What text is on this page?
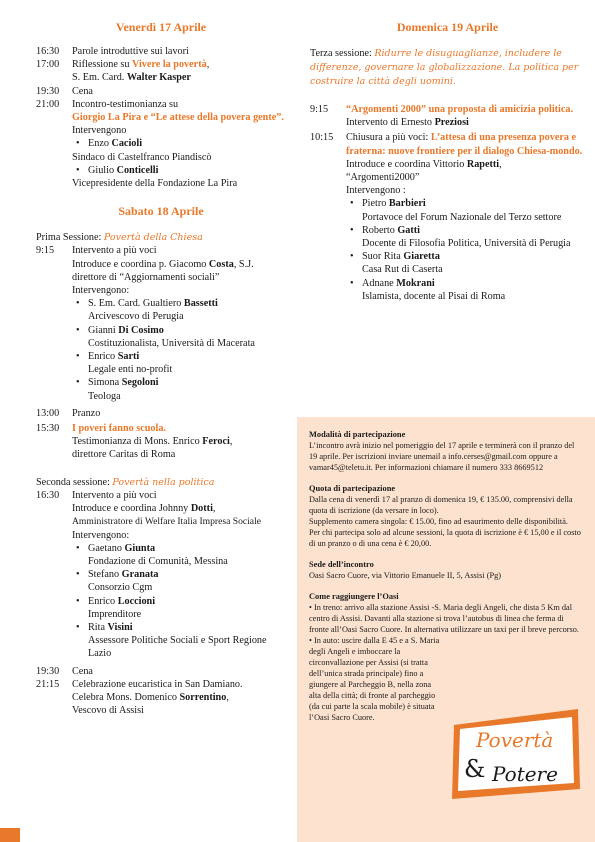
Venerdì 17 Aprile
16:30	Parole introduttive sui lavori
17:00	Riflessione su Vivere la povertà,
S. Em. Card. Walter Kasper
19:30	Cena
21:00	Incontro-testimonianza su
Giorgio La Pira e “Le attese della povera gente”.
Intervengono
• Enzo Cacioli
Sindaco di Castelfranco Piandiscò
• Giulio Conticelli
Vicepresidente della Fondazione La Pira
Sabato 18 Aprile
Prima Sessione: Povertà della Chiesa
9:15	Intervento a più voci
Introduce e coordina p. Giacomo Costa, S.J.
direttore di “Aggiornamenti sociali”
Intervengono:
• S. Em. Card. Gualtiero Bassetti
Arcivescovo di Perugia
• Gianni Di Cosimo
Costituzionalista, Università di Macerata
• Enrico Sarti
Legale enti no-profit
• Simona Segoloni
Teologa
13:00	Pranzo
15:30	I poveri fanno scuola.
Testimonianza di Mons. Enrico Feroci,
direttore Caritas di Roma
Seconda sessione: Povertà nella politica
16:30	Intervento a più voci
Introduce e coordina Johnny Dotti,
Amministratore di Welfare Italia Impresa Sociale
Intervengono:
• Gaetano Giunta
Fondazione di Comunità, Messina
• Stefano Granata
Consorzio Cgm
• Enrico Loccioni
Imprenditore
• Rita Visini
Assessore Politiche Sociali e Sport Regione Lazio
19:30	Cena
21:15	Celebrazione eucaristica in San Damiano.
Celebra Mons. Domenico Sorrentino,
Vescovo di Assisi
Domenica 19 Aprile
Terza sessione: Ridurre le disuguaglianze, includere le differenze, governare la globalizzazione. La politica per costruire la città degli uomini.
9:15	“Argomenti 2000” una proposta di amicizia politica.
Intervento di Ernesto Preziosi
10:15	Chiusura a più voci: L’attesa di una presenza povera e fraterna: nuove frontiere per il dialogo Chiesa-mondo.
Introduce e coordina Vittorio Rapetti,
“Argomenti2000”
Intervengono :
• Pietro Barbieri
Portavoce del Forum Nazionale del Terzo settore
• Roberto Gatti
Docente di Filosofia Politica, Università di Perugia
• Suor Rita Giaretta
Casa Rut di Caserta
• Adnane Mokrani
Islamista, docente al Pisai di Roma
Modalità di partecipazione

L’incontro avrà inizio nel pomeriggio del 17 aprile e terminerà con il pranzo del 19 aprile. Per iscrizioni inviare unemail a info.cerses@gmail.com oppure a vamar45@teletu.it. Per informazioni chiamare il numero 333 8669512

Quota di partecipazione

Dalla cena di venerdì 17 al pranzo di domenica 19, € 135.00, comprensivi della quota di iscrizione (da versare in loco).

Supplemento camera singola: € 15.00, fino ad esaurimento delle disponibilità.

Per chi partecipa solo ad alcune sessioni, la quota di iscrizione è € 15,00 e il costo di un pranzo o di una cena è € 20,00.

Sede dell’incontro

Oasi Sacro Cuore, via Vittorio Emanuele II, 5, Assisi (Pg)

Come raggiungere l’Oasi

• In treno: arrivo alla stazione Assisi -S. Maria degli Angeli, che dista 5 Km dal centro di Assisi. Davanti alla stazione si trova l’autobus di linea che ferma di fronte all’Oasi Sacro Cuore. In alternativa utilizzare un taxi per il breve percorso.

• In auto: uscire dalla E 45 e a S. Maria degli Angeli e imboccare la circonvallazione per Assisi (si tratta dell’unica strada principale) fino a giungere al Parcheggio B, nella zona alta della città; di fronte al parcheggio (da cui parte la scala mobile) è situata l’Oasi Sacro Cuore.

Povertà
& Potere
